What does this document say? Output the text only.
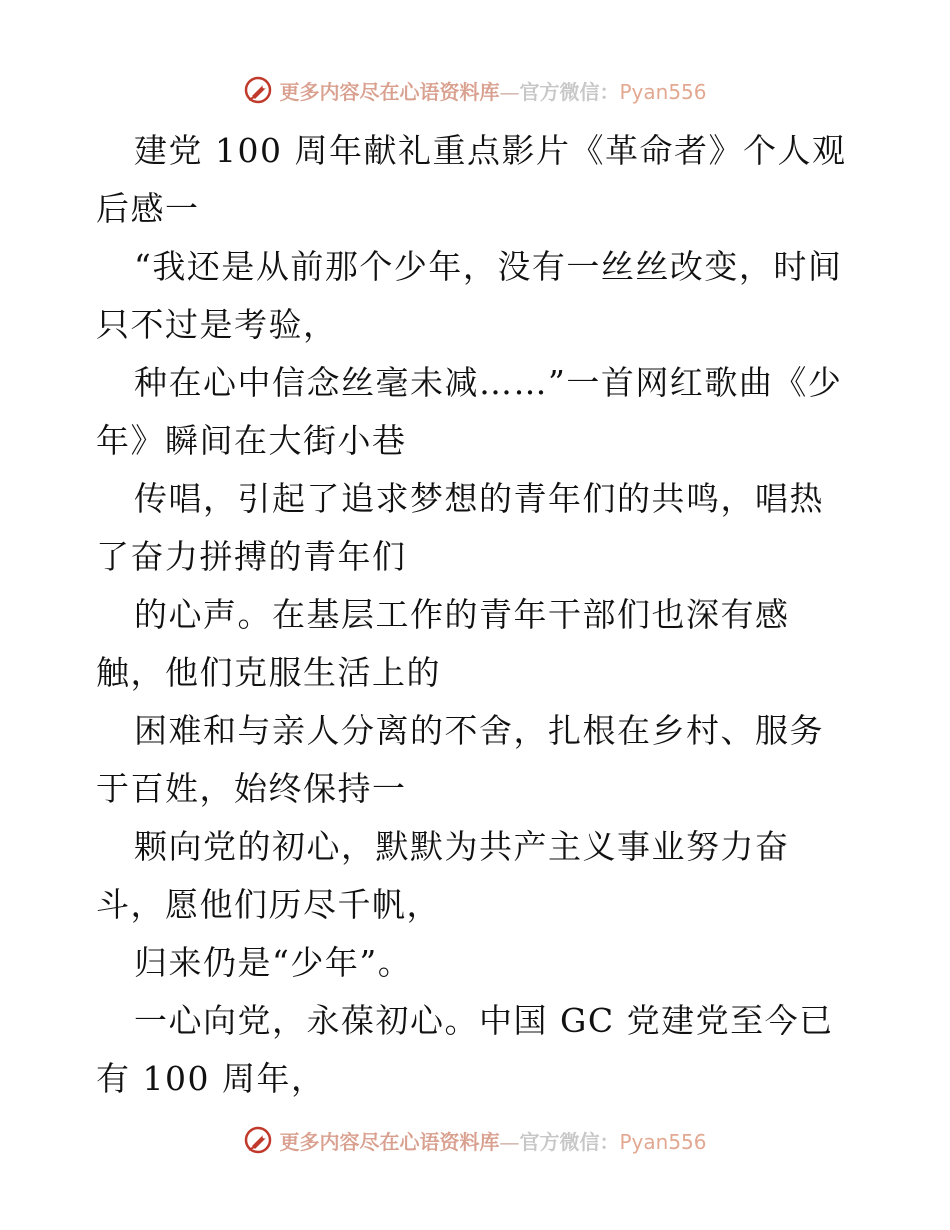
更多内容尽在心语资料库—官方微信：Pyan556

建党 100 周年献礼重点影片《革命者》个人观后感一

“我还是从前那个少年，没有一丝丝改变，时间只不过是考验，

种在心中信念丝毫未减……”一首网红歌曲《少年》瞬间在大街小巷

传唱，引起了追求梦想的青年们的共鸣，唱热了奋力拼搏的青年们

的心声。在基层工作的青年干部们也深有感触，他们克服生活上的

困难和与亲人分离的不舍，扎根在乡村、服务于百姓，始终保持一

颗向党的初心，默默为共产主义事业努力奋斗，愿他们历尽千帆，

归来仍是“少年”。

一心向党，永葆初心。中国 GC 党建党至今已有 100 周年，

更多内容尽在心语资料库—官方微信：Pyan556
